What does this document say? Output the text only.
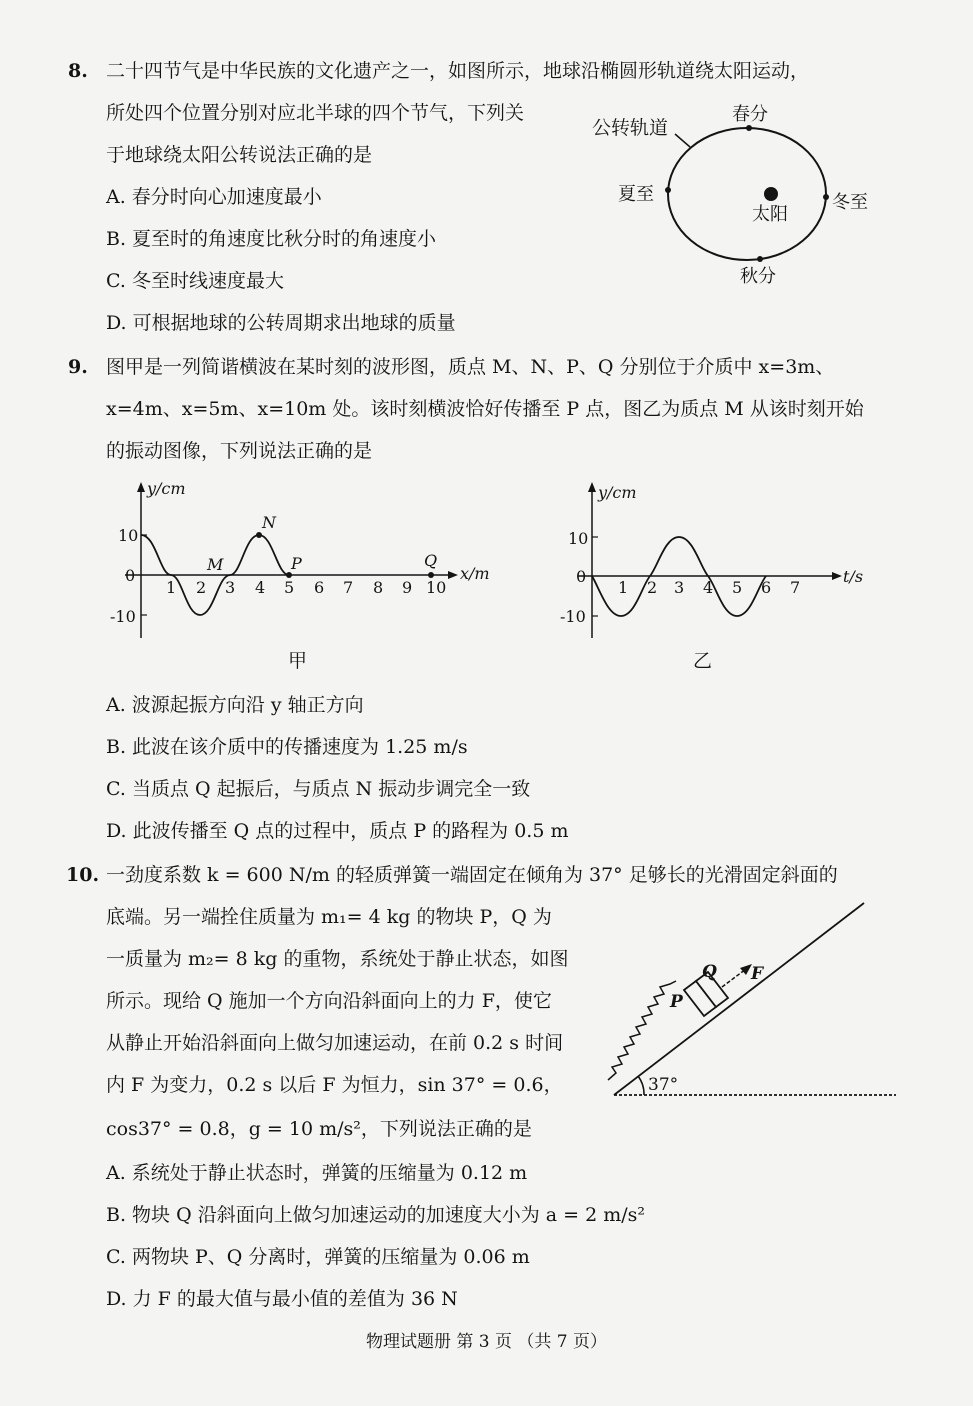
8. 二十四节气是中华民族的文化遗产之一，如图所示，地球沿椭圆形轨道绕太阳运动，
所处四个位置分别对应北半球的四个节气，下列关
于地球绕太阳公转说法正确的是
A. 春分时向心加速度最小
B. 夏至时的角速度比秋分时的角速度小
C. 冬至时线速度最大
D. 可根据地球的公转周期求出地球的质量
公转轨道
太阳
春分
夏至	冬至
秋分
9. 图甲是一列简谐横波在某时刻的波形图，质点 M、N、P、Q 分别位于介质中 x=3m、
x=4m、x=5m、x=10m 处。该时刻横波恰好传播至 P 点，图乙为质点 M 从该时刻开始
的振动图像，下列说法正确的是
y/cm
x/m
10
0
-10
1 2 3 4 5 6 7 8 9 10
M
N
P	Q
甲
y/cm
t/s
10
0
-10
1 2 3 4 5 6 7
乙
A. 波源起振方向沿 y 轴正方向
B. 此波在该介质中的传播速度为 1.25 m/s
C. 当质点 Q 起振后，与质点 N 振动步调完全一致
D. 此波传播至 Q 点的过程中，质点 P 的路程为 0.5 m
10. 一劲度系数 k = 600 N/m 的轻质弹簧一端固定在倾角为 37° 足够长的光滑固定斜面的
底端。另一端拴住质量为 m₁= 4 kg 的物块 P，Q 为
一质量为 m₂= 8 kg 的重物，系统处于静止状态，如图
所示。现给 Q 施加一个方向沿斜面向上的力 F，使它
从静止开始沿斜面向上做匀加速运动，在前 0.2 s 时间
内 F 为变力，0.2 s 以后 F 为恒力，sin 37° = 0.6，
cos37° = 0.8，g = 10 m/s²，下列说法正确的是
37°
P
Q F
A. 系统处于静止状态时，弹簧的压缩量为 0.12 m
B. 物块 Q 沿斜面向上做匀加速运动的加速度大小为 a = 2 m/s²
C. 两物块 P、Q 分离时，弹簧的压缩量为 0.06 m
D. 力 F 的最大值与最小值的差值为 36 N
物理试题册 第 3 页 （共 7 页）
